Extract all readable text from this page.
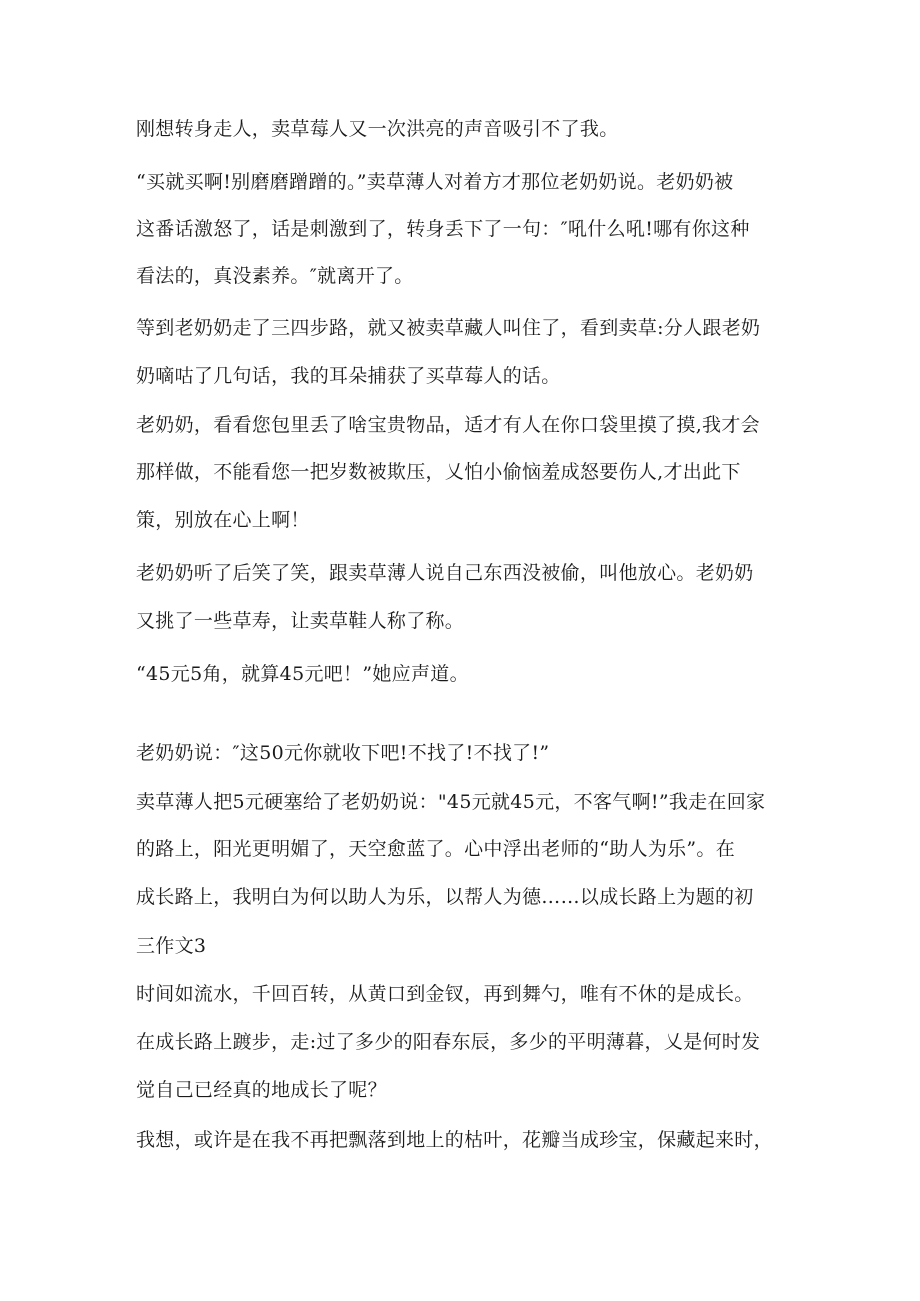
刚想转身走人，卖草莓人又一次洪亮的声音吸引不了我。
“买就买啊!别磨磨蹭蹭的。”卖草薄人对着方才那位老奶奶说。老奶奶被
这番话激怒了，话是刺激到了，转身丢下了一句：″吼什么吼!哪有你这种
看法的，真没素养。″就离开了。
等到老奶奶走了三四步路，就又被卖草藏人叫住了，看到卖草:分人跟老奶
奶嘀咕了几句话，我的耳朵捕获了买草莓人的话。
老奶奶，看看您包里丢了啥宝贵物品，适才有人在你口袋里摸了摸,我才会
那样做，不能看您一把岁数被欺压，乂怕小偷恼羞成怒要伤人,才出此下
策，别放在心上啊！
老奶奶听了后笑了笑，跟卖草薄人说自己东西没被偷，叫他放心。老奶奶
又挑了一些草寿，让卖草鞋人称了称。
“45元5角，就算45元吧！”她应声道。
老奶奶说：″这50元你就收下吧!不找了!不找了!”
卖草薄人把5元硬塞给了老奶奶说："45元就45元，不客气啊!”我走在回家
的路上，阳光更明媚了，天空愈蓝了。心中浮出老师的“助人为乐”。在
成长路上，我明白为何以助人为乐，以帮人为德……以成长路上为题的初
三作文3
时间如流水，千回百转，从黄口到金钗，再到舞勺，唯有不休的是成长。
在成长路上踱步，走:过了多少的阳春东辰，多少的平明薄暮，乂是何时发
觉自己已经真的地成长了呢？
我想，或许是在我不再把飘落到地上的枯叶，花瓣当成珍宝，保藏起来时，
